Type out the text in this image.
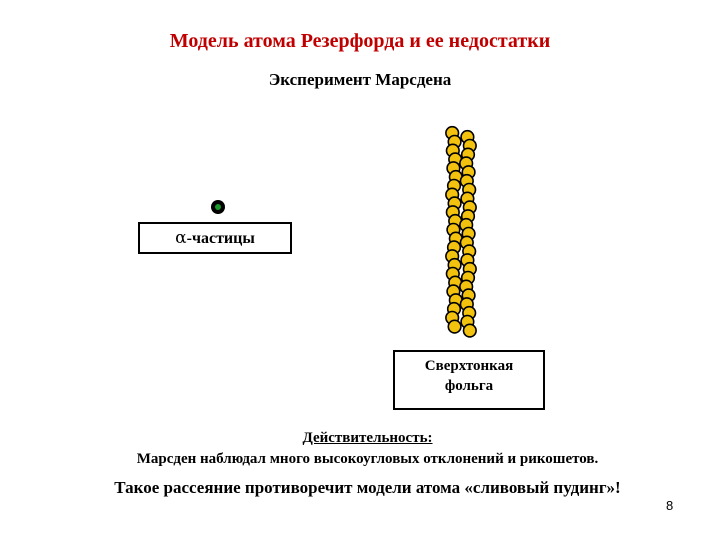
Модель атома Резерфорда и ее недостатки
Эксперимент Марсдена
α-частицы
Сверхтонкая
фольга
Действительность:
Марсден наблюдал много высокоугловых отклонений и рикошетов.
Такое рассеяние противоречит модели атома «сливовый пудинг»!
8
